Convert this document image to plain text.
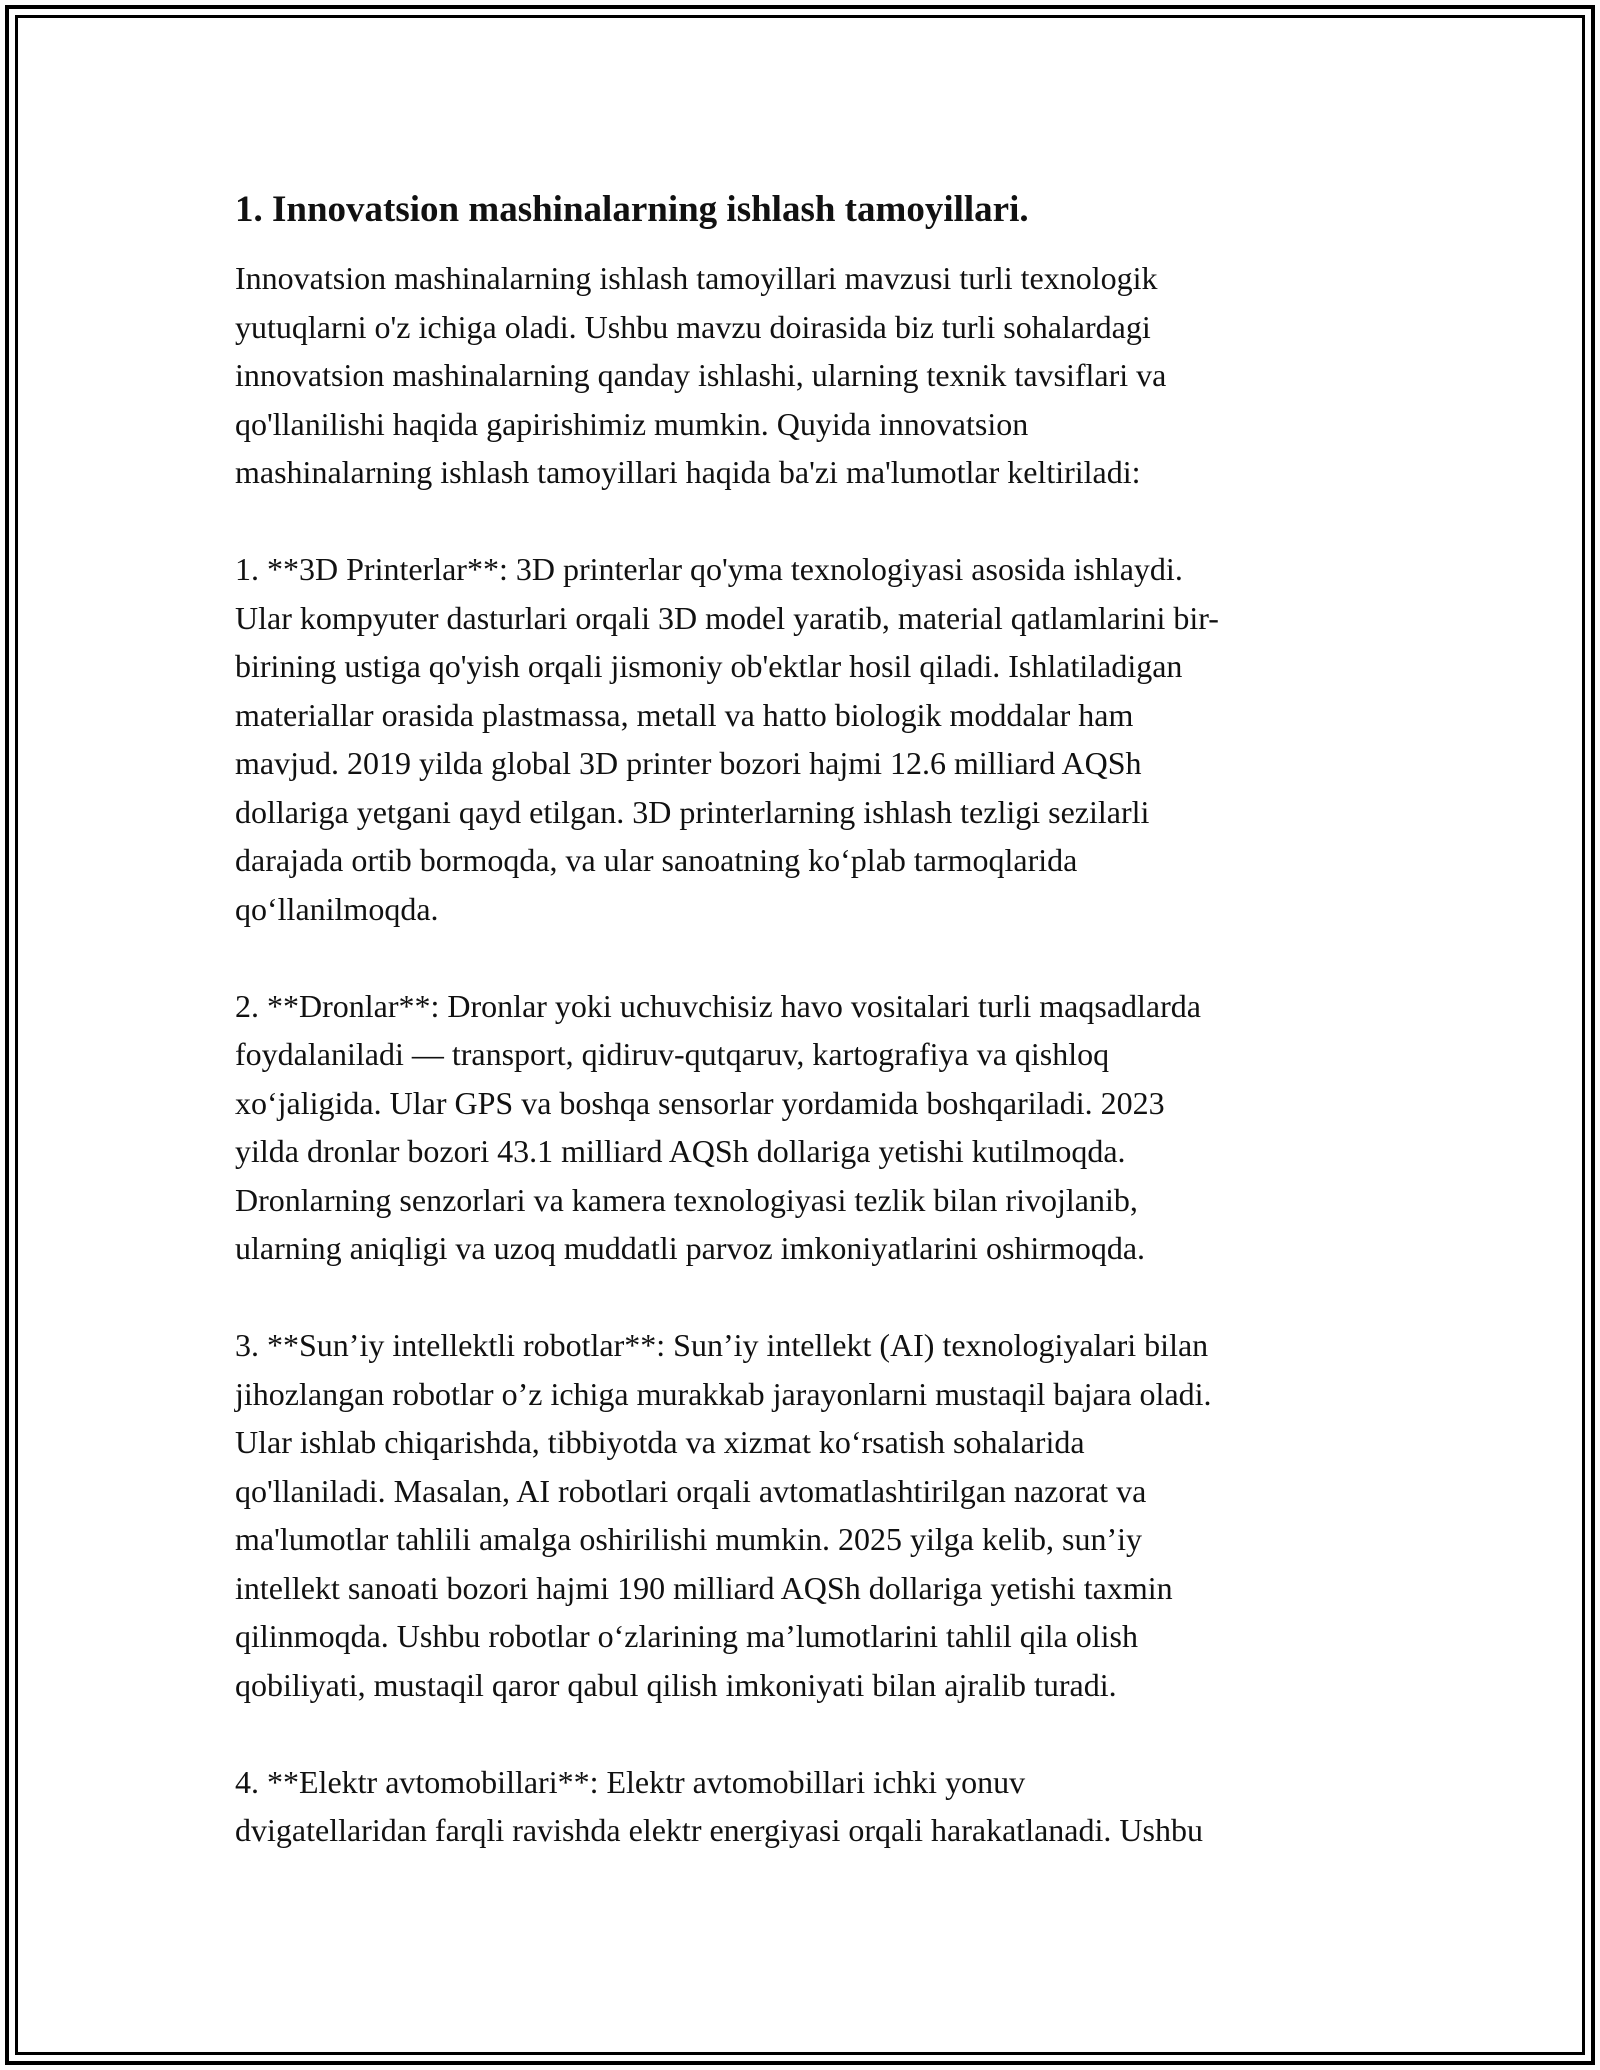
1. Innovatsion mashinalarning ishlash tamoyillari.

Innovatsion mashinalarning ishlash tamoyillari mavzusi turli texnologik
yutuqlarni o'z ichiga oladi. Ushbu mavzu doirasida biz turli sohalardagi
innovatsion mashinalarning qanday ishlashi, ularning texnik tavsiflari va
qo'llanilishi haqida gapirishimiz mumkin. Quyida innovatsion
mashinalarning ishlash tamoyillari haqida ba'zi ma'lumotlar keltiriladi:

1. **3D Printerlar**: 3D printerlar qo'yma texnologiyasi asosida ishlaydi.
Ular kompyuter dasturlari orqali 3D model yaratib, material qatlamlarini bir-
birining ustiga qo'yish orqali jismoniy ob'ektlar hosil qiladi. Ishlatiladigan
materiallar orasida plastmassa, metall va hatto biologik moddalar ham
mavjud. 2019 yilda global 3D printer bozori hajmi 12.6 milliard AQSh
dollariga yetgani qayd etilgan. 3D printerlarning ishlash tezligi sezilarli
darajada ortib bormoqda, va ular sanoatning ko‘plab tarmoqlarida
qo‘llanilmoqda.

2. **Dronlar**: Dronlar yoki uchuvchisiz havo vositalari turli maqsadlarda
foydalaniladi — transport, qidiruv-qutqaruv, kartografiya va qishloq
xo‘jaligida. Ular GPS va boshqa sensorlar yordamida boshqariladi. 2023
yilda dronlar bozori 43.1 milliard AQSh dollariga yetishi kutilmoqda.
Dronlarning senzorlari va kamera texnologiyasi tezlik bilan rivojlanib,
ularning aniqligi va uzoq muddatli parvoz imkoniyatlarini oshirmoqda.

3. **Sun’iy intellektli robotlar**: Sun’iy intellekt (AI) texnologiyalari bilan
jihozlangan robotlar o’z ichiga murakkab jarayonlarni mustaqil bajara oladi.
Ular ishlab chiqarishda, tibbiyotda va xizmat ko‘rsatish sohalarida
qo'llaniladi. Masalan, AI robotlari orqali avtomatlashtirilgan nazorat va
ma'lumotlar tahlili amalga oshirilishi mumkin. 2025 yilga kelib, sun’iy
intellekt sanoati bozori hajmi 190 milliard AQSh dollariga yetishi taxmin
qilinmoqda. Ushbu robotlar o‘zlarining ma’lumotlarini tahlil qila olish
qobiliyati, mustaqil qaror qabul qilish imkoniyati bilan ajralib turadi.

4. **Elektr avtomobillari**: Elektr avtomobillari ichki yonuv
dvigatellaridan farqli ravishda elektr energiyasi orqali harakatlanadi. Ushbu
